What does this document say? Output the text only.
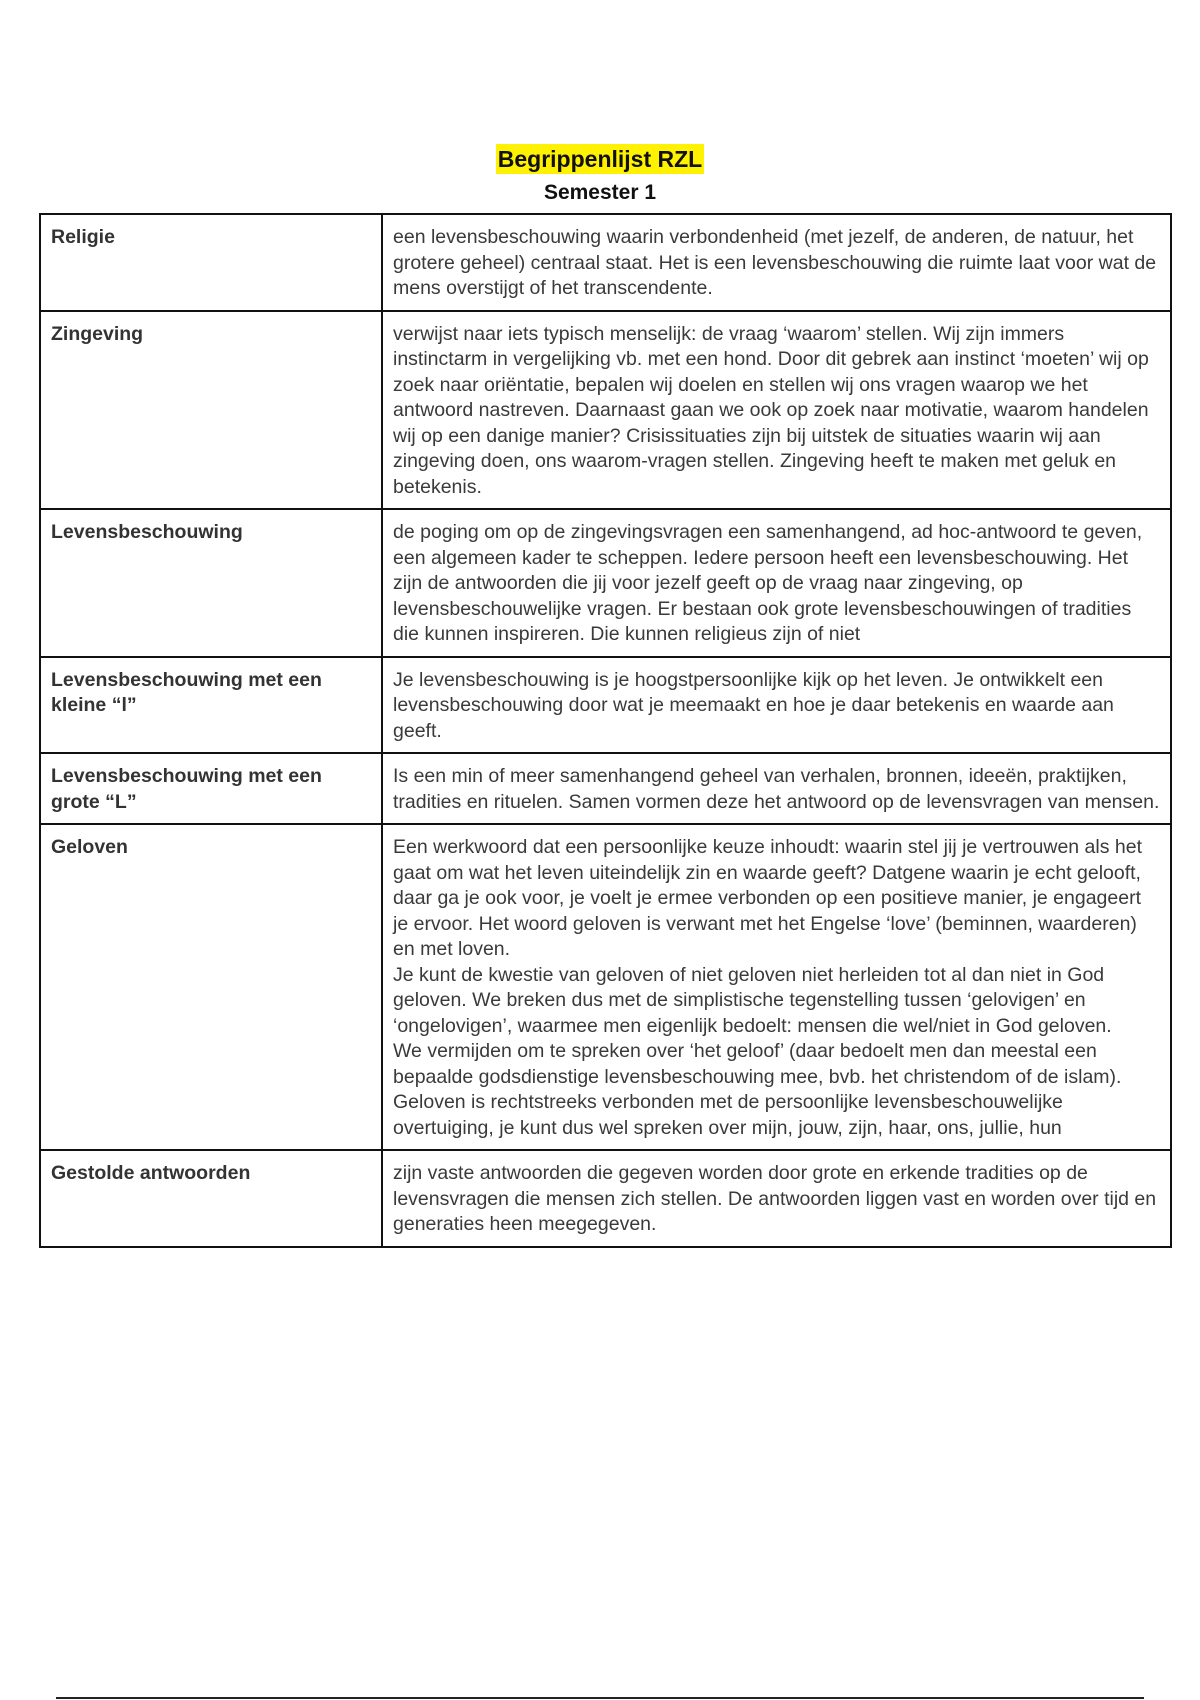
Begrippenlijst RZL
Semester 1
Religie	een levensbeschouwing waarin verbondenheid (met jezelf, de anderen, de natuur, het grotere geheel) centraal staat. Het is een levensbeschouwing die ruimte laat voor wat de mens overstijgt of het transcendente.

Zingeving	verwijst naar iets typisch menselijk: de vraag ‘waarom’ stellen. Wij zijn immers instinctarm in vergelijking vb. met een hond. Door dit gebrek aan instinct ‘moeten’ wij op zoek naar oriëntatie, bepalen wij doelen en stellen wij ons vragen waarop we het antwoord nastreven. Daarnaast gaan we ook op zoek naar motivatie, waarom handelen wij op een danige manier? Crisissituaties zijn bij uitstek de situaties waarin wij aan zingeving doen, ons waarom-vragen stellen. Zingeving heeft te maken met geluk en betekenis.

Levensbeschouwing	de poging om op de zingevingsvragen een samenhangend, ad hoc-antwoord te geven, een algemeen kader te scheppen. Iedere persoon heeft een levensbeschouwing. Het zijn de antwoorden die jij voor jezelf geeft op de vraag naar zingeving, op levensbeschouwelijke vragen. Er bestaan ook grote levensbeschouwingen of tradities die kunnen inspireren. Die kunnen religieus zijn of niet

Levensbeschouwing met een kleine “l”	Je levensbeschouwing is je hoogstpersoonlijke kijk op het leven. Je ontwikkelt een levensbeschouwing door wat je meemaakt en hoe je daar betekenis en waarde aan geeft.

Levensbeschouwing met een grote “L”	Is een min of meer samenhangend geheel van verhalen, bronnen, ideeën, praktijken, tradities en rituelen. Samen vormen deze het antwoord op de levensvragen van mensen.

Geloven	Een werkwoord dat een persoonlijke keuze inhoudt: waarin stel jij je vertrouwen als het gaat om wat het leven uiteindelijk zin en waarde geeft? Datgene waarin je echt gelooft, daar ga je ook voor, je voelt je ermee verbonden op een positieve manier, je engageert je ervoor. Het woord geloven is verwant met het Engelse ‘love’ (beminnen, waarderen) en met loven.
Je kunt de kwestie van geloven of niet geloven niet herleiden tot al dan niet in God geloven. We breken dus met de simplistische tegenstelling tussen ‘gelovigen’ en ‘ongelovigen’, waarmee men eigenlijk bedoelt: mensen die wel/niet in God geloven.
We vermijden om te spreken over ‘het geloof’ (daar bedoelt men dan meestal een bepaalde godsdienstige levensbeschouwing mee, bvb. het christendom of de islam). Geloven is rechtstreeks verbonden met de persoonlijke levensbeschouwelijke overtuiging, je kunt dus wel spreken over mijn, jouw, zijn, haar, ons, jullie, hun

Gestolde antwoorden	zijn vaste antwoorden die gegeven worden door grote en erkende tradities op de levensvragen die mensen zich stellen. De antwoorden liggen vast en worden over tijd en generaties heen meegegeven.
